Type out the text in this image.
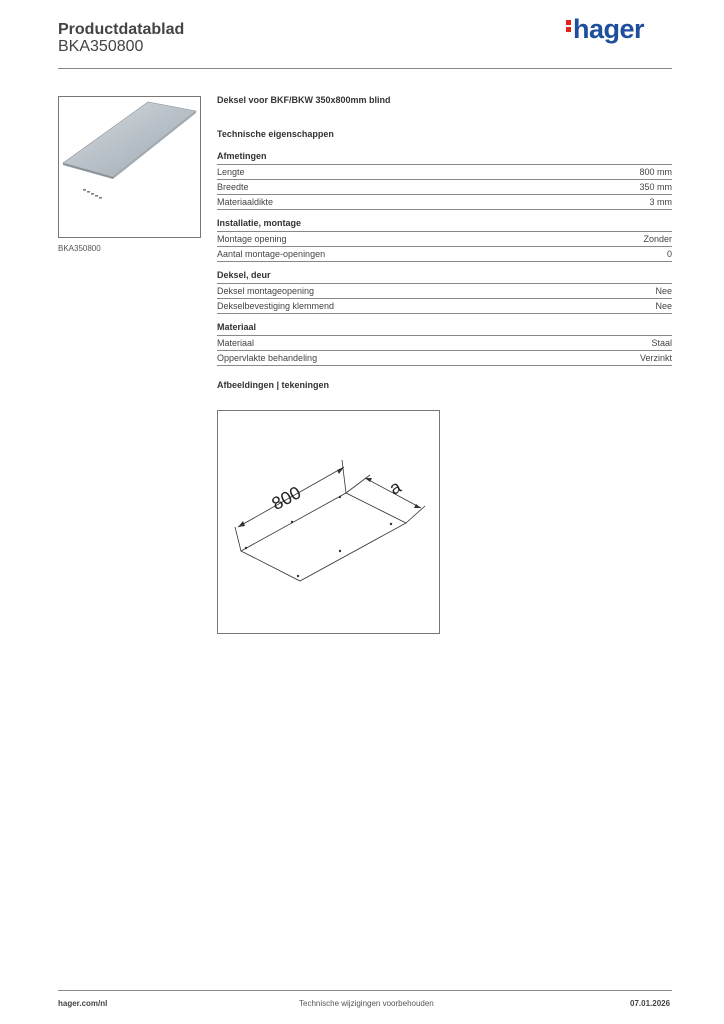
Productdatablad
BKA350800
hager
BKA350800
Deksel voor BKF/BKW 350x800mm blind
Technische eigenschappen
Afmetingen
Lengte	800 mm
Breedte	350 mm
Materiaaldikte	3 mm
Installatie, montage
Montage opening	Zonder
Aantal montage-openingen	0
Deksel, deur
Deksel montageopening	Nee
Dekselbevestiging klemmend	Nee
Materiaal
Materiaal	Staal
Oppervlakte behandeling	Verzinkt
Afbeeldingen | tekeningen
800	a
hager.com/nl	Technische wijzigingen voorbehouden	07.01.2026
